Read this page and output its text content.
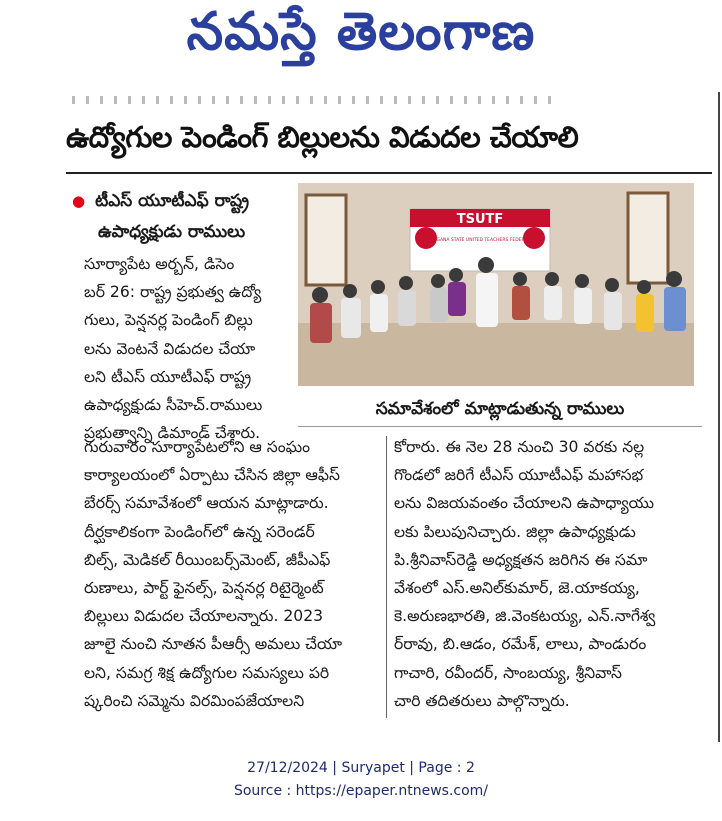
నమస్తే తెలంగాణ
ఉద్యోగుల పెండింగ్ బిల్లులను విడుదల చేయాలి
● టీఎస్ యూటీఎఫ్ రాష్ట్ర
ఉపాధ్యక్షుడు రాములు
సూర్యాపేట అర్బన్, డిసెం
బర్ 26: రాష్ట్ర ప్రభుత్వ ఉద్యో
గులు, పెన్షనర్ల పెండింగ్ బిల్లు
లను వెంటనే విడుదల చేయా
లని టీఎస్ యూటీఎఫ్ రాష్ట్ర
ఉపాధ్యక్షుడు సీహెచ్.రాములు
ప్రభుత్వాన్ని డిమాండ్ చేశారు.
TSUTF
TELANGANA STATE UNITED TEACHERS FEDERATION
సమావేశంలో మాట్లాడుతున్న రాములు
గురువారం సూర్యాపేటలోని ఆ సంఘం
కార్యాలయంలో ఏర్పాటు చేసిన జిల్లా ఆఫీస్
బేరర్స్ సమావేశంలో ఆయన మాట్లాడారు.
దీర్ఘకాలికంగా పెండింగ్‌లో ఉన్న సరెండర్
బిల్స్, మెడికల్ రీయింబర్స్‌మెంట్, జీపీఎఫ్
రుణాలు, పార్ట్ ఫైనల్స్, పెన్షనర్ల రిటైర్మెంట్
బిల్లులు విడుదల చేయాలన్నారు. 2023
జూలై నుంచి నూతన పీఆర్సీ అమలు చేయా
లని, సమగ్ర శిక్ష ఉద్యోగుల సమస్యలు పరి
ష్కరించి సమ్మెను విరమింపజేయాలని
కోరారు. ఈ నెల 28 నుంచి 30 వరకు నల్ల
గొండలో జరిగే టీఎస్ యూటీఎఫ్ మహాసభ
లను విజయవంతం చేయాలని ఉపాధ్యాయు
లకు పిలుపునిచ్చారు. జిల్లా ఉపాధ్యక్షుడు
పి.శ్రీనివాస్‌రెడ్డి అధ్యక్షతన జరిగిన ఈ సమా
వేశంలో ఎస్.అనిల్‌కుమార్, జె.యాకయ్య,
కె.అరుణభారతి, జి.వెంకటయ్య, ఎన్.నాగేశ్వ
ర్‌రావు, బి.ఆడం, రమేశ్, లాలు, పాండురం
గాచారి, రవీందర్, సాంబయ్య, శ్రీనివాస్
చారి తదితరులు పాల్గొన్నారు.
27/12/2024 | Suryapet | Page : 2
Source : https://epaper.ntnews.com/
